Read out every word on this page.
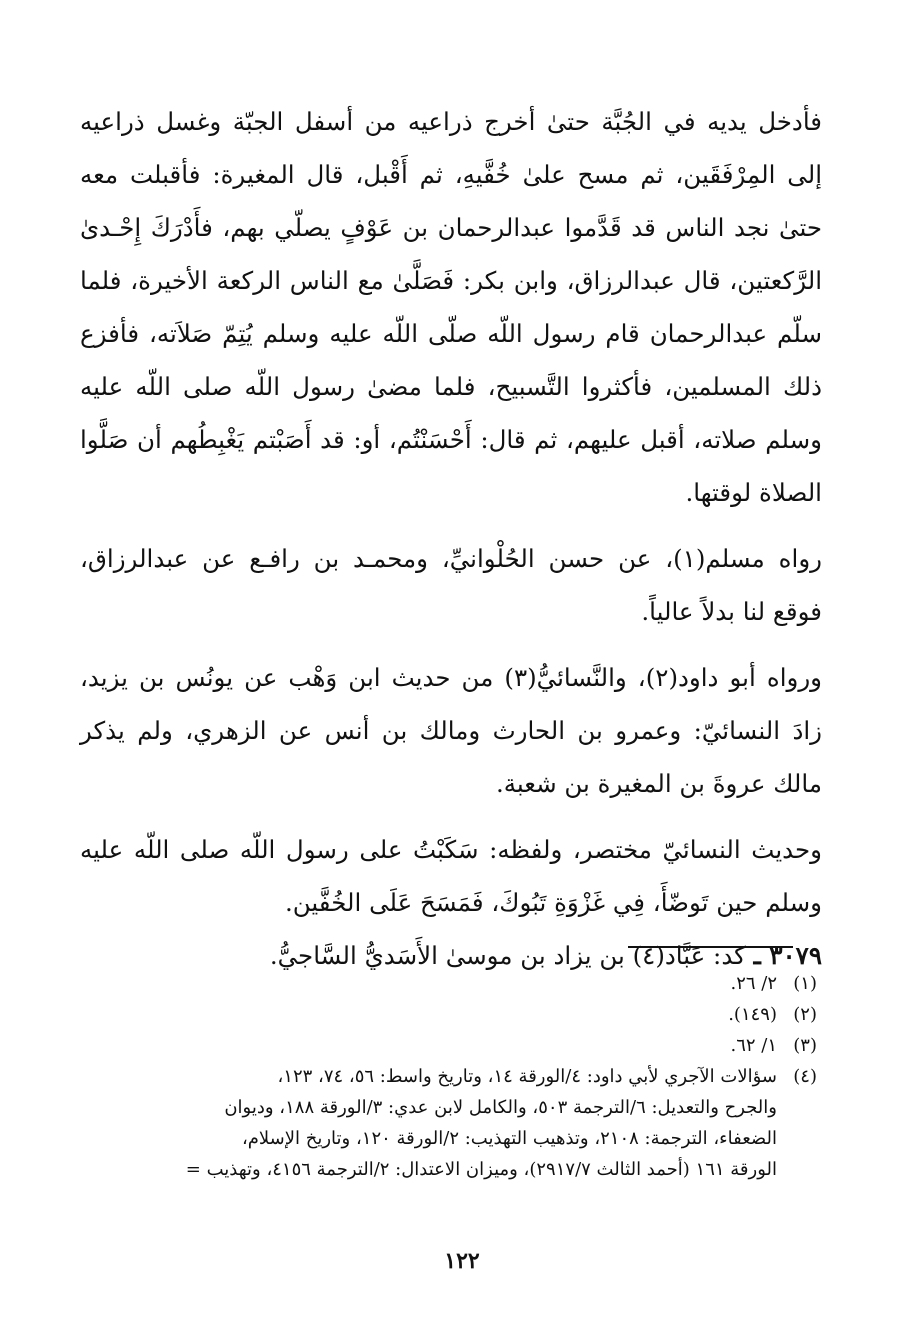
فأدخل يديه في الجُبَّة حتىٰ أخرج ذراعيه من أسفل الجبّة وغسل ذراعيه إلى المِرْفَقَين، ثم مسح علىٰ خُفَّيهِ، ثم أَقْبل، قال المغيرة: فأقبلت معه حتىٰ نجد الناس قد قَدَّموا عبدالرحمان بن عَوْفٍ يصلّي بهم، فأَدْرَكَ إِحْـدىٰ الرَّكعتين، قال عبدالرزاق، وابن بكر: فَصَلَّىٰ مع الناس الركعة الأخيرة، فلما سلّم عبدالرحمان قام رسول اللّه صلّى اللّه عليه وسلم يُتِمّ صَلاَته، فأفزع ذلك المسلمين، فأكثروا التَّسبيح، فلما مضىٰ رسول اللّه صلى اللّه عليه وسلم صلاته، أقبل عليهم، ثم قال: أَحْسَنْتُم، أو: قد أَصَبْتم يَغْبِطُهم أن صَلَّوا الصلاة لوقتها.

رواه مسلم(١)، عن حسن الحُلْوانيِّ، ومحمـد بن رافـع عن عبدالرزاق، فوقع لنا بدلاً عالياً.

ورواه أبو داود(٢)، والنَّسائيُّ(٣) من حديث ابن وَهْب عن يونُس بن يزيد، زادَ النسائيّ: وعمرو بن الحارث ومالك بن أنس عن الزهري، ولم يذكر مالك عروةَ بن المغيرة بن شعبة.

وحديث النسائيّ مختصر، ولفظه: سَكَبْتُ على رسول اللّه صلى اللّه عليه وسلم حين تَوضّأَ، فِي غَزْوَةِ تَبُوكَ، فَمَسَحَ عَلَى الخُفَّين.

٣٠٧٩ ـ كد: عَبَّاد(٤) بن يزاد بن موسىٰ الأَسَديُّ السَّاجيُّ.

(١)٢/ ٢٦.

(٢)(١٤٩).

(٣)١/ ٦٢.

(٤)سؤالات الآجري لأبي داود: ٤/الورقة ١٤، وتاريخ واسط: ٥٦، ٧٤، ١٢٣،

والجرح والتعديل: ٦/الترجمة ٥٠٣، والكامل لابن عدي: ٣/الورقة ١٨٨، وديوان

الضعفاء، الترجمة: ٢١٠٨، وتذهيب التهذيب: ٢/الورقة ١٢٠، وتاريخ الإسلام،

الورقة ١٦١ (أحمد الثالث ٢٩١٧/٧)، وميزان الاعتدال: ٢/الترجمة ٤١٥٦، وتهذيب =

١٢٢
